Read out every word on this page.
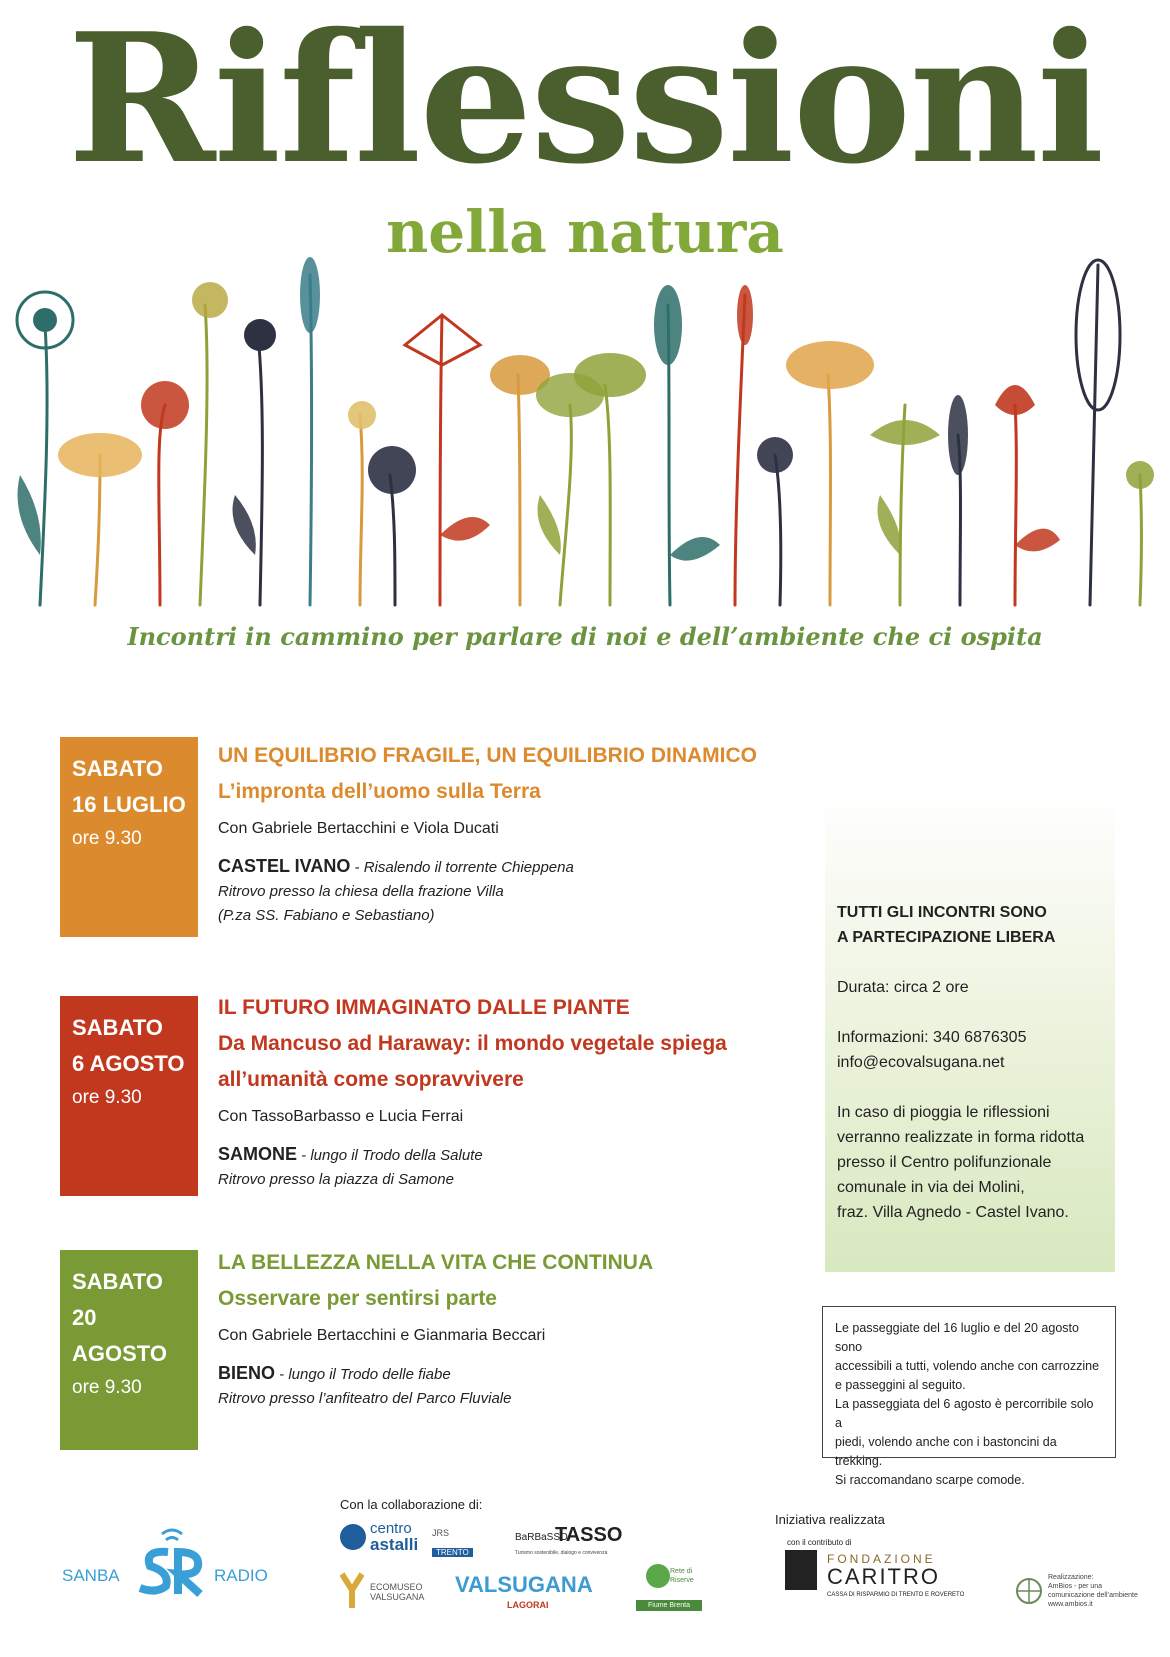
Riflessioni
nella natura
Incontri in cammino per parlare di noi e dell’ambiente che ci ospita
SABATO
16 LUGLIO
ore 9.30
UN EQUILIBRIO FRAGILE, UN EQUILIBRIO DINAMICO
L’impronta dell’uomo sulla Terra
Con Gabriele Bertacchini e Viola Ducati
CASTEL IVANO - Risalendo il torrente Chieppena
Ritrovo presso la chiesa della frazione Villa
(P.za SS. Fabiano e Sebastiano)
SABATO
6 AGOSTO
ore 9.30
IL FUTURO IMMAGINATO DALLE PIANTE
Da Mancuso ad Haraway: il mondo vegetale spiega
all’umanità come sopravvivere
Con TassoBarbasso e Lucia Ferrai
SAMONE - lungo il Trodo della Salute
Ritrovo presso la piazza di Samone
SABATO
20 AGOSTO
ore 9.30
LA BELLEZZA NELLA VITA CHE CONTINUA
Osservare per sentirsi parte
Con Gabriele Bertacchini e Gianmaria Beccari
BIENO - lungo il Trodo delle fiabe
Ritrovo presso l’anfiteatro del Parco Fluviale
TUTTI GLI INCONTRI SONO
A PARTECIPAZIONE LIBERA
Durata: circa 2 ore
Informazioni: 340 6876305
info@ecovalsugana.net
In caso di pioggia le riflessioni
verranno realizzate in forma ridotta
presso il Centro polifunzionale
comunale in via dei Molini,
fraz. Villa Agnedo - Castel Ivano.
Le passeggiate del 16 luglio e del 20 agosto sono
accessibili a tutti, volendo anche con carrozzine
e passeggini al seguito.
La passeggiata del 6 agosto è percorribile solo a
piedi, volendo anche con i bastoncini da trekking.
Si raccomandano scarpe comode.
Con la collaborazione di:
Iniziativa realizzata
SANBA	RADIO
centro
astalli
JRS
TRENTO
BaRBaSSO
TASSO
Turismo sostenibile, dialogo e convivenza
ECOMUSEO
VALSUGANA VALSUGANA
LAGORAI
Rete di
Riserve
Fiume Brenta
con il contributo di
FONDAZIONE
CARITRO
CASSA DI RISPARMIO DI TRENTO E ROVERETO
Realizzazione:
AmBios - per una
comunicazione dell’ambiente
www.ambios.it
